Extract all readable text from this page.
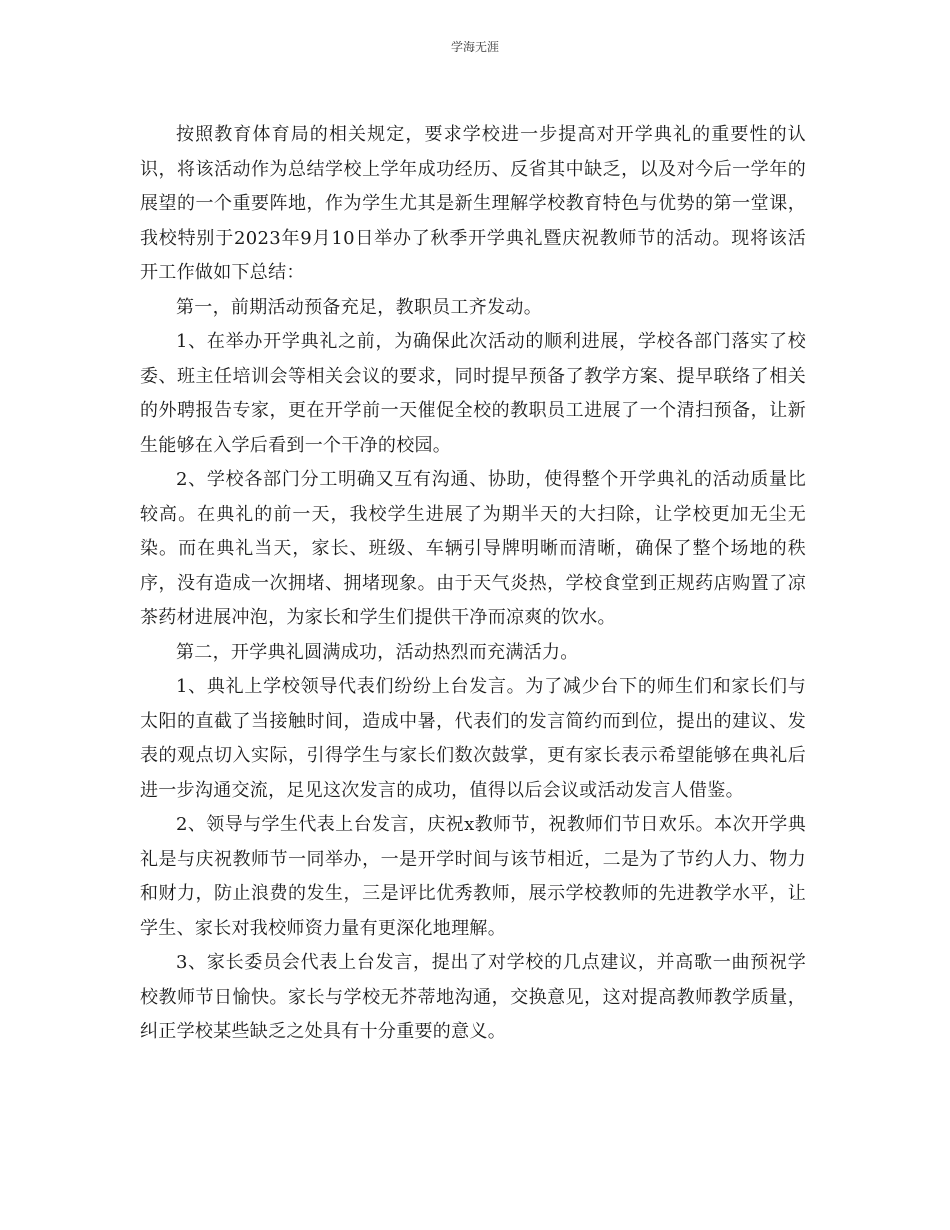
学海无涯

按照教育体育局的相关规定，要求学校进一步提高对开学典礼的重要性的认识，将该活动作为总结学校上学年成功经历、反省其中缺乏，以及对今后一学年的展望的一个重要阵地，作为学生尤其是新生理解学校教育特色与优势的第一堂课，我校特别于2023年9月10日举办了秋季开学典礼暨庆祝教师节的活动。现将该活开工作做如下总结：

第一，前期活动预备充足，教职员工齐发动。

1、在举办开学典礼之前，为确保此次活动的顺利进展，学校各部门落实了校委、班主任培训会等相关会议的要求，同时提早预备了教学方案、提早联络了相关的外聘报告专家，更在开学前一天催促全校的教职员工进展了一个清扫预备，让新生能够在入学后看到一个干净的校园。

2、学校各部门分工明确又互有沟通、协助，使得整个开学典礼的活动质量比较高。在典礼的前一天，我校学生进展了为期半天的大扫除，让学校更加无尘无染。而在典礼当天，家长、班级、车辆引导牌明晰而清晰，确保了整个场地的秩序，没有造成一次拥堵、拥堵现象。由于天气炎热，学校食堂到正规药店购置了凉茶药材进展冲泡，为家长和学生们提供干净而凉爽的饮水。

第二，开学典礼圆满成功，活动热烈而充满活力。

1、典礼上学校领导代表们纷纷上台发言。为了减少台下的师生们和家长们与太阳的直截了当接触时间，造成中暑，代表们的发言简约而到位，提出的建议、发表的观点切入实际，引得学生与家长们数次鼓掌，更有家长表示希望能够在典礼后进一步沟通交流，足见这次发言的成功，值得以后会议或活动发言人借鉴。

2、领导与学生代表上台发言，庆祝x教师节，祝教师们节日欢乐。本次开学典礼是与庆祝教师节一同举办，一是开学时间与该节相近，二是为了节约人力、物力和财力，防止浪费的发生，三是评比优秀教师，展示学校教师的先进教学水平，让学生、家长对我校师资力量有更深化地理解。

3、家长委员会代表上台发言，提出了对学校的几点建议，并高歌一曲预祝学校教师节日愉快。家长与学校无芥蒂地沟通，交换意见，这对提高教师教学质量，纠正学校某些缺乏之处具有十分重要的意义。
